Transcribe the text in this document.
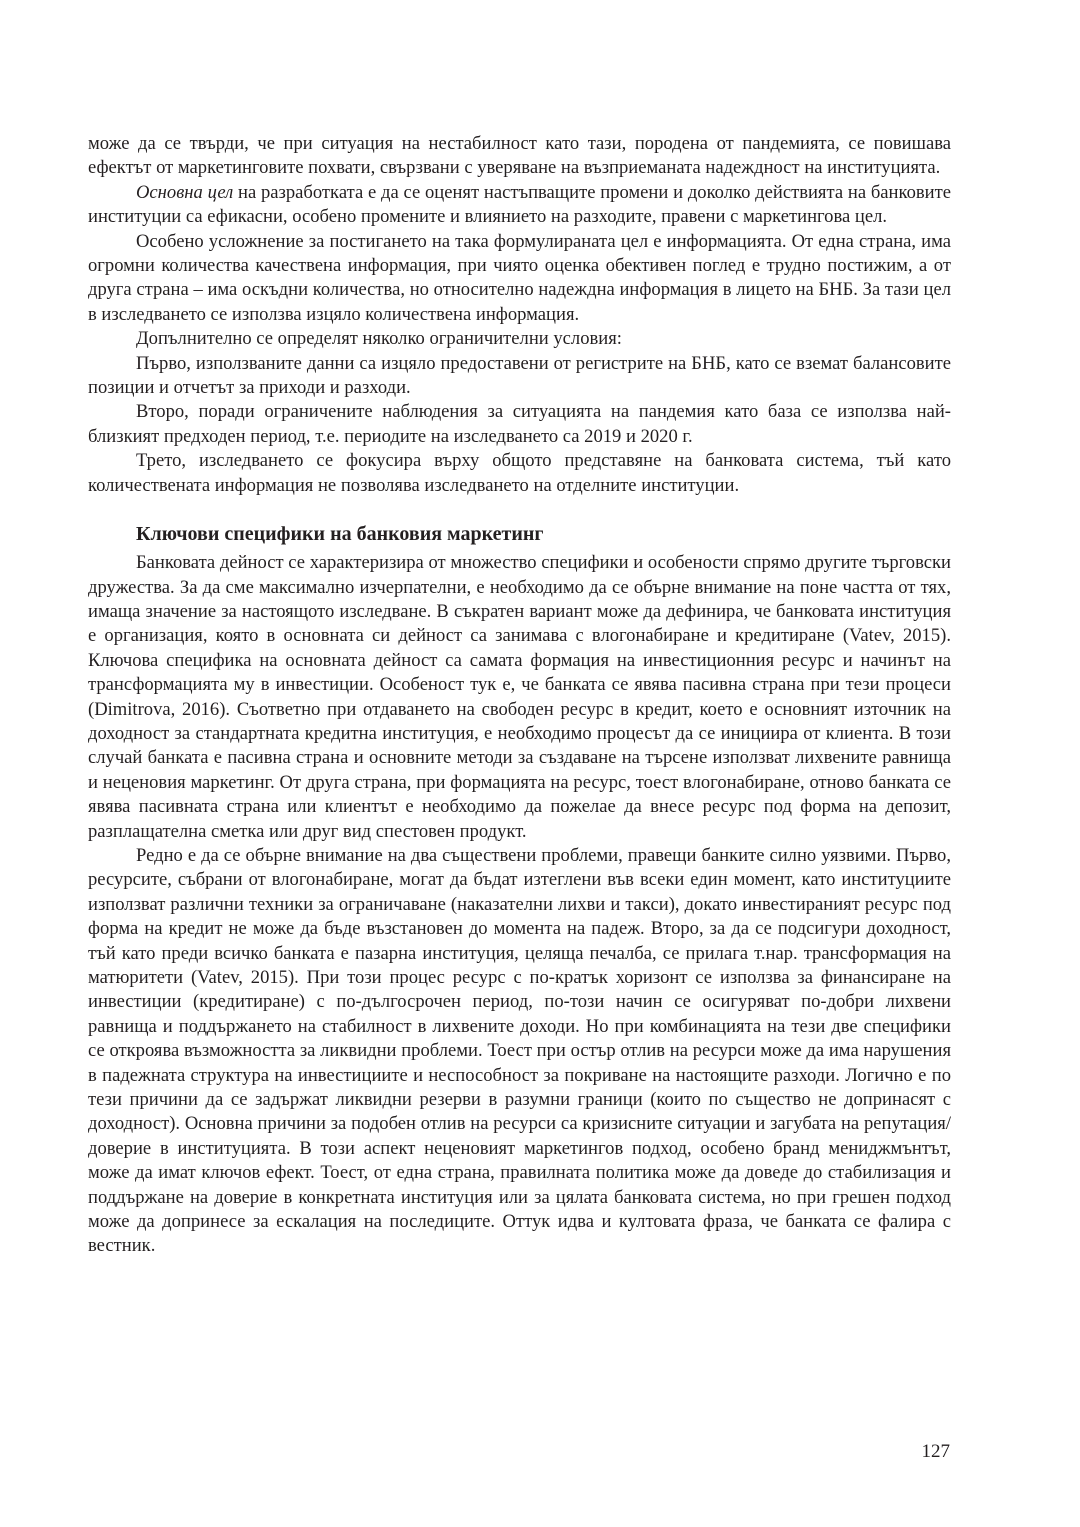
може да се твърди, че при ситуация на нестабилност като тази, породена от пандемията, се повишава ефектът от маркетинговите похвати, свързвани с уверяване на възприеманата надеждност на институцията.

Основна цел на разработката е да се оценят настъпващите промени и доколко действията на банковите институции са ефикасни, особено промените и влиянието на разходите, правени с маркетингова цел.

Особено усложнение за постигането на така формулираната цел е информацията. От една страна, има огромни количества качествена информация, при чиято оценка обективен поглед е трудно постижим, а от друга страна – има оскъдни количества, но относително надеждна информация в лицето на БНБ. За тази цел в изследването се използва изцяло количествена информация.

Допълнително се определят няколко ограничителни условия:

Първо, използваните данни са изцяло предоставени от регистрите на БНБ, като се вземат балансовите позиции и отчетът за приходи и разходи.

Второ, поради ограничените наблюдения за ситуацията на пандемия като база се използва най-близкият предходен период, т.е. периодите на изследването са 2019 и 2020 г.

Трето, изследването се фокусира върху общото представяне на банковата система, тъй като количествената информация не позволява изследването на отделните институции.

Ключови специфики на банковия маркетинг

Банковата дейност се характеризира от множество специфики и особености спрямо другите търговски дружества. За да сме максимално изчерпателни, е необходимо да се обърне внимание на поне частта от тях, имаща значение за настоящото изследване. В съкратен вариант може да дефинира, че банковата институция е организация, която в основната си дейност са занимава с влогонабиране и кредитиране (Vatev, 2015). Ключова специфика на основната дейност са самата формация на инвестиционния ресурс и начинът на трансформацията му в инвестиции. Особеност тук е, че банката се явява пасивна страна при тези процеси (Dimitrova, 2016). Съответно при отдаването на свободен ресурс в кредит, което е основният източник на доходност за стандартната кредитна институция, е необходимо процесът да се инициира от клиента. В този случай банката е пасивна страна и основните методи за създаване на търсене използват лихвените равнища и неценовия маркетинг. От друга страна, при формацията на ресурс, тоест влогонабиране, отново банката се явява пасивната страна или клиентът е необходимо да пожелае да внесе ресурс под форма на депозит, разплащателна сметка или друг вид спестовен продукт.

Редно е да се обърне внимание на два съществени проблеми, правещи банките силно уязвими. Първо, ресурсите, събрани от влогонабиране, могат да бъдат изтеглени във всеки един момент, като институциите използват различни техники за ограничаване (наказателни лихви и такси), докато инвестираният ресурс под форма на кредит не може да бъде възстановен до момента на падеж. Второ, за да се подсигури доходност, тъй като преди всичко банката е пазарна институция, целяща печалба, се прилага т.нар. трансформация на матюритети (Vatev, 2015). При този процес ресурс с по-кратък хоризонт се използва за финансиране на инвестиции (кредитиране) с по-дългосрочен период, по-този начин се осигуряват по-добри лихвени равнища и поддържането на стабилност в лихвените доходи. Но при комбинацията на тези две специфики се откроява възможността за ликвидни проблеми. Тоест при остър отлив на ресурси може да има нарушения в падежната структура на инвестициите и неспособност за покриване на настоящите разходи. Логично е по тези причини да се задържат ликвидни резерви в разумни граници (които по същество не допринасят с доходност). Основна причини за подобен отлив на ресурси са кризисните ситуации и загубата на репутация/доверие в институцията. В този аспект неценовият маркетингов подход, особено бранд мениджмънтът, може да имат ключов ефект. Тоест, от една страна, правилната политика може да доведе до стабилизация и поддържане на доверие в конкретната институция или за цялата банковата система, но при грешен подход може да допринесе за ескалация на последиците. Оттук идва и култовата фраза, че банката се фалира с вестник.

127
